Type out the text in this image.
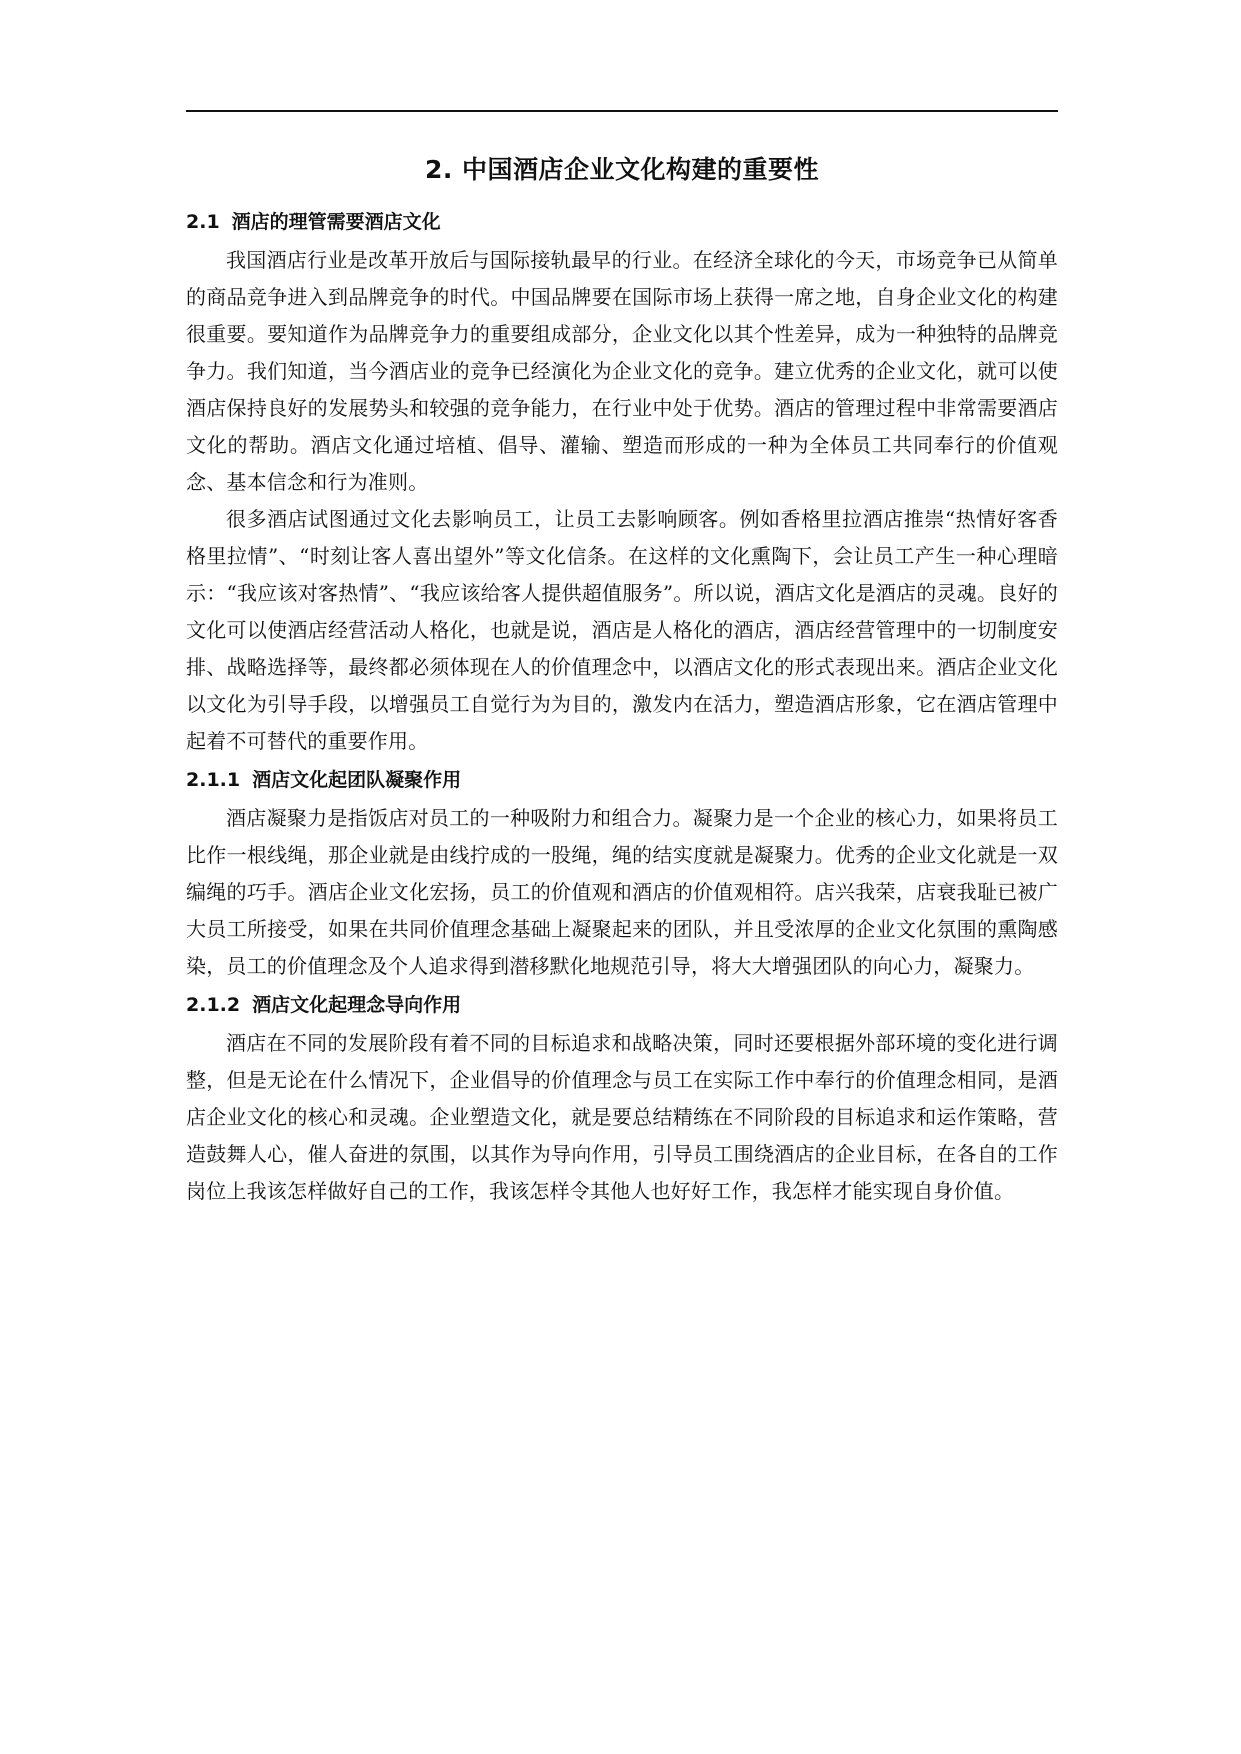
2. 中国酒店企业文化构建的重要性
2.1 酒店的理管需要酒店文化

我国酒店行业是改革开放后与国际接轨最早的行业。在经济全球化的今天，市场竞争已从简单的商品竞争进入到品牌竞争的时代。中国品牌要在国际市场上获得一席之地，自身企业文化的构建很重要。要知道作为品牌竞争力的重要组成部分，企业文化以其个性差异，成为一种独特的品牌竞争力。我们知道，当今酒店业的竞争已经演化为企业文化的竞争。建立优秀的企业文化，就可以使酒店保持良好的发展势头和较强的竞争能力，在行业中处于优势。酒店的管理过程中非常需要酒店文化的帮助。酒店文化通过培植、倡导、灌输、塑造而形成的一种为全体员工共同奉行的价值观念、基本信念和行为准则。

很多酒店试图通过文化去影响员工，让员工去影响顾客。例如香格里拉酒店推崇“热情好客香格里拉情”、“时刻让客人喜出望外”等文化信条。在这样的文化熏陶下，会让员工产生一种心理暗示：“我应该对客热情”、“我应该给客人提供超值服务”。所以说，酒店文化是酒店的灵魂。良好的文化可以使酒店经营活动人格化，也就是说，酒店是人格化的酒店，酒店经营管理中的一切制度安排、战略选择等，最终都必须体现在人的价值理念中，以酒店文化的形式表现出来。酒店企业文化以文化为引导手段，以增强员工自觉行为为目的，激发内在活力，塑造酒店形象，它在酒店管理中起着不可替代的重要作用。

2.1.1 酒店文化起团队凝聚作用

酒店凝聚力是指饭店对员工的一种吸附力和组合力。凝聚力是一个企业的核心力，如果将员工比作一根线绳，那企业就是由线拧成的一股绳，绳的结实度就是凝聚力。优秀的企业文化就是一双编绳的巧手。酒店企业文化宏扬，员工的价值观和酒店的价值观相符。店兴我荣，店衰我耻已被广大员工所接受，如果在共同价值理念基础上凝聚起来的团队，并且受浓厚的企业文化氛围的熏陶感染，员工的价值理念及个人追求得到潜移默化地规范引导，将大大增强团队的向心力，凝聚力。

2.1.2 酒店文化起理念导向作用

酒店在不同的发展阶段有着不同的目标追求和战略决策，同时还要根据外部环境的变化进行调整，但是无论在什么情况下，企业倡导的价值理念与员工在实际工作中奉行的价值理念相同，是酒店企业文化的核心和灵魂。企业塑造文化，就是要总结精练在不同阶段的目标追求和运作策略，营造鼓舞人心，催人奋进的氛围，以其作为导向作用，引导员工围绕酒店的企业目标，在各自的工作岗位上我该怎样做好自己的工作，我该怎样令其他人也好好工作，我怎样才能实现自身价值。
